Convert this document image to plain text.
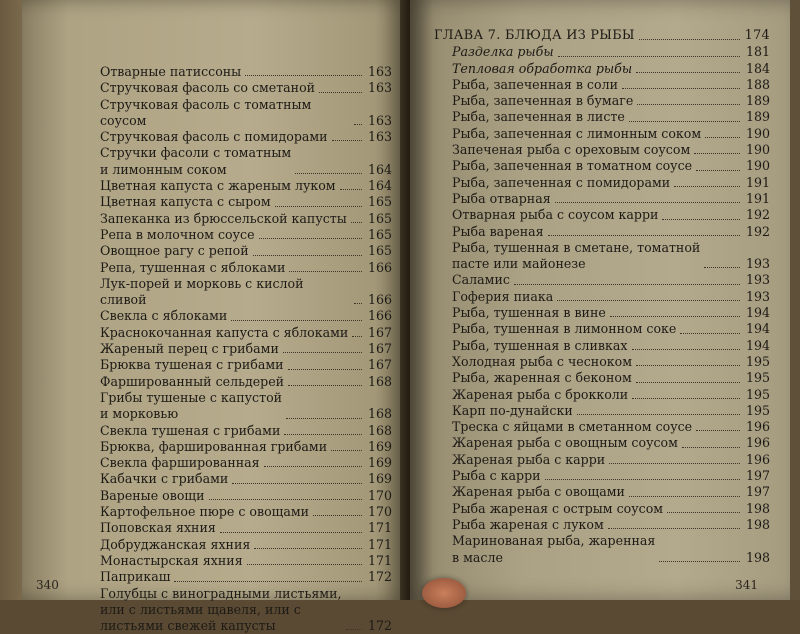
Отварные патиссоны	163
Стручковая фасоль со сметаной	163
Стручковая фасоль с томатным соусом	163
Стручковая фасоль с помидорами	163
Стручки фасоли с томатным
и лимонным соком	164
Цветная капуста с жареным луком	164
Цветная капуста с сыром	165
Запеканка из брюссельской капусты 165
Репа в молочном соусе	165
Овощное рагу с репой	165
Репа, тушенная с яблоками	166
Лук-порей и морковь с кислой сливой	166
Свекла с яблоками	166
Краснокочанная капуста с яблоками 167
Жареный перец с грибами	167
Брюква тушеная с грибами	167
Фаршированный сельдерей	168
Грибы тушеные с капустой
и морковью	168
Свекла тушеная с грибами	168
Брюква, фаршированная грибами	169
Свекла фаршированная	169
Кабачки с грибами	169
Вареные овощи	170
Картофельное пюре с овощами	170
Поповская яхния	171
Добруджанская яхния	171
Монастырская яхния	171
Паприкаш	172
Голубцы с виноградными листьями,
или с листьями щавеля, или с
листьями свежей капусты	172
340
ГЛАВА 7. БЛЮДА ИЗ РЫБЫ	174
Разделка рыбы	181
Тепловая обработка рыбы	184
Рыба, запеченная в соли	188
Рыба, запеченная в бумаге	189
Рыба, запеченная в листе	189
Рыба, запеченная с лимонным соком	190
Запеченая рыба с ореховым соусом	190
Рыба, запеченная в томатном соусе	190
Рыба, запеченная с помидорами	191
Рыба отварная	191
Отварная рыба с соусом карри	192
Рыба вареная	192
Рыба, тушенная в сметане, томатной
пасте или майонезе	193
Саламис	193
Гоферия пиака	193
Рыба, тушенная в вине	194
Рыба, тушенная в лимонном соке	194
Рыба, тушенная в сливках	194
Холодная рыба с чесноком	195
Рыба, жаренная с беконом	195
Жареная рыба с брокколи	195
Карп по-дунайски	195
Треска с яйцами в сметанном соусе	196
Жареная рыба с овощным соусом	196
Жареная рыба с карри	196
Рыба с карри	197
Жареная рыба с овощами	197
Рыба жареная с острым соусом	198
Рыба жареная с луком	198
Маринованая рыба, жаренная
в масле	198
341
